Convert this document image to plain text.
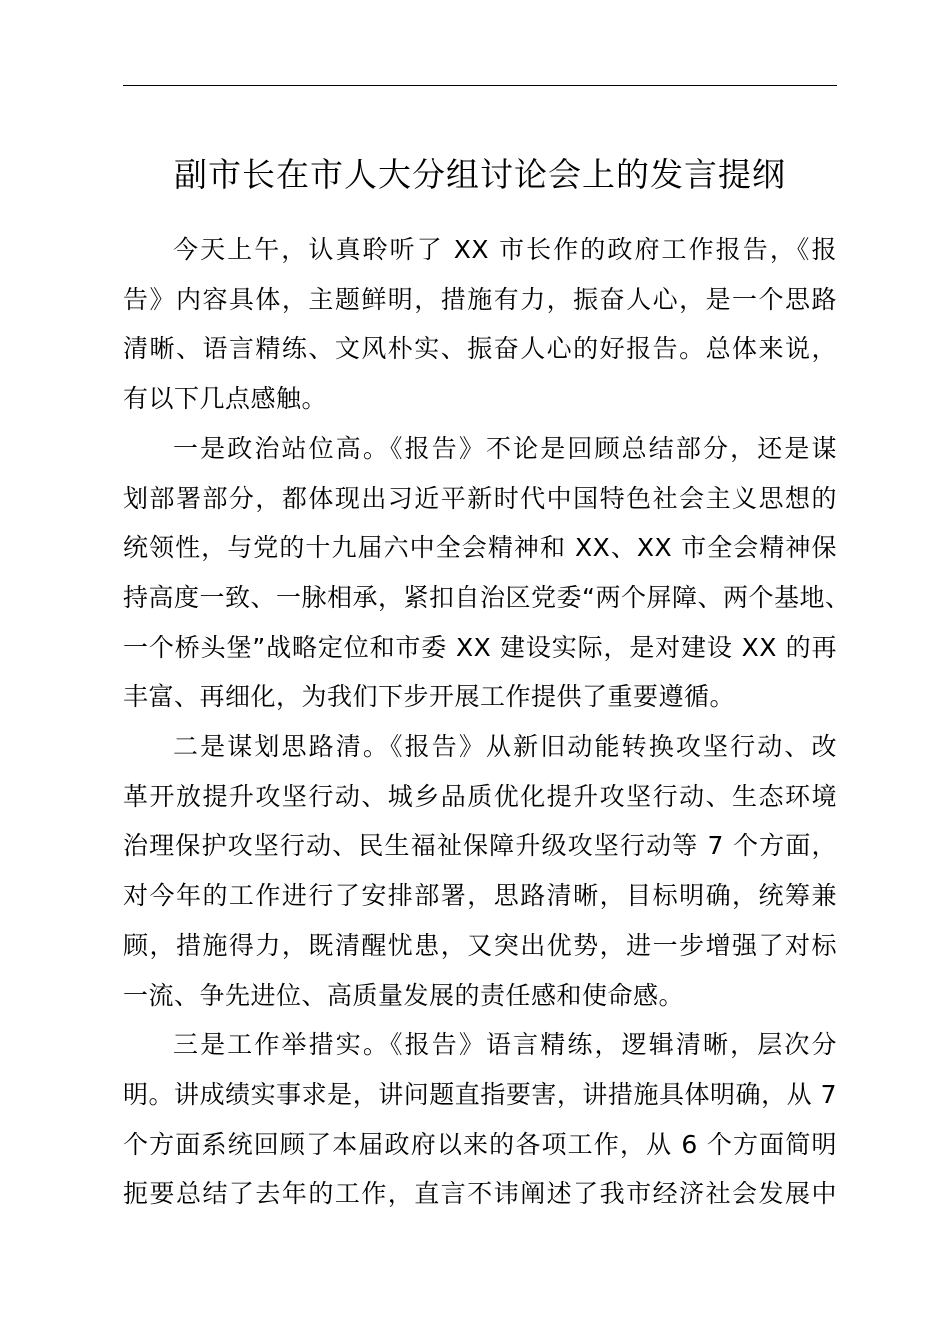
副市长在市人大分组讨论会上的发言提纲

今天上午，认真聆听了 XX 市长作的政府工作报告，《报
告》内容具体，主题鲜明，措施有力，振奋人心，是一个思路
清晰、语言精练、文风朴实、振奋人心的好报告。总体来说，
有以下几点感触。

一是政治站位高。《报告》不论是回顾总结部分，还是谋
划部署部分，都体现出习近平新时代中国特色社会主义思想的
统领性，与党的十九届六中全会精神和 XX、XX 市全会精神保
持高度一致、一脉相承，紧扣自治区党委“两个屏障、两个基地、
一个桥头堡”战略定位和市委 XX 建设实际，是对建设 XX 的再
丰富、再细化，为我们下步开展工作提供了重要遵循。

二是谋划思路清。《报告》从新旧动能转换攻坚行动、改
革开放提升攻坚行动、城乡品质优化提升攻坚行动、生态环境
治理保护攻坚行动、民生福祉保障升级攻坚行动等 7 个方面，
对今年的工作进行了安排部署，思路清晰，目标明确，统筹兼
顾，措施得力，既清醒忧患，又突出优势，进一步增强了对标
一流、争先进位、高质量发展的责任感和使命感。

三是工作举措实。《报告》语言精练，逻辑清晰，层次分
明。讲成绩实事求是，讲问题直指要害，讲措施具体明确，从 7
个方面系统回顾了本届政府以来的各项工作，从 6 个方面简明
扼要总结了去年的工作，直言不讳阐述了我市经济社会发展中
